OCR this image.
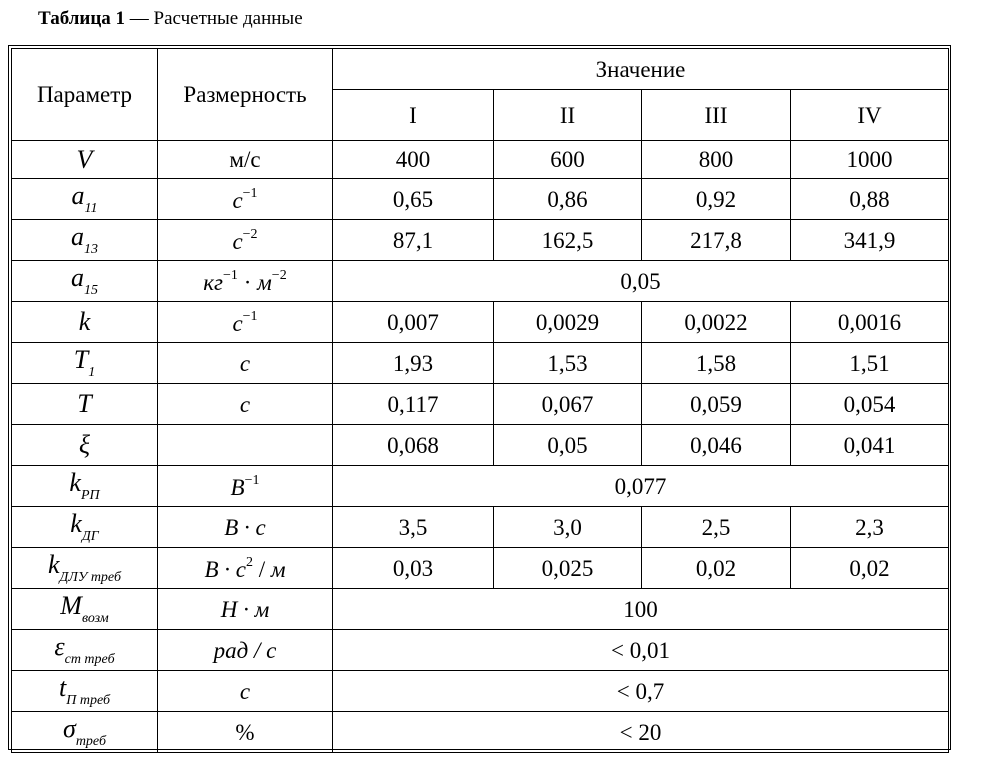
Таблица 1 — Расчетные данные
Параметр	Размерность	Значение			
		I	II	III	IV
V	м/с	400	600	800	1000
$a_{11}$	$с^{-1}$	0,65	0,86	0,92	0,88
$a_{13}$	$с^{-2}$	87,1	162,5	217,8	341,9
$a_{15}$	$кг^{-1} \cdot м^{-2}$	0,05			
k	$с^{-1}$	0,007	0,0029	0,0022	0,0016
$T_1$	с	1,93	1,53	1,58	1,51
T	с	0,117	0,067	0,059	0,054
ξ		0,068	0,05	0,046	0,041
$k_{РП}$	$В^{-1}$	0,077			
$k_{ДГ}$	В · с	3,5	3,0	2,5	2,3
$k_{ДЛУ треб}$	$В \cdot с^2 / м$	0,03	0,025	0,02	0,02
$M_{возм}$	Н · м	100			
$\varepsilon_{ст треб}$	рад / с	< 0,01			
$t_{П треб}$	с	< 0,7			
$\sigma_{треб}$	%	< 20			
